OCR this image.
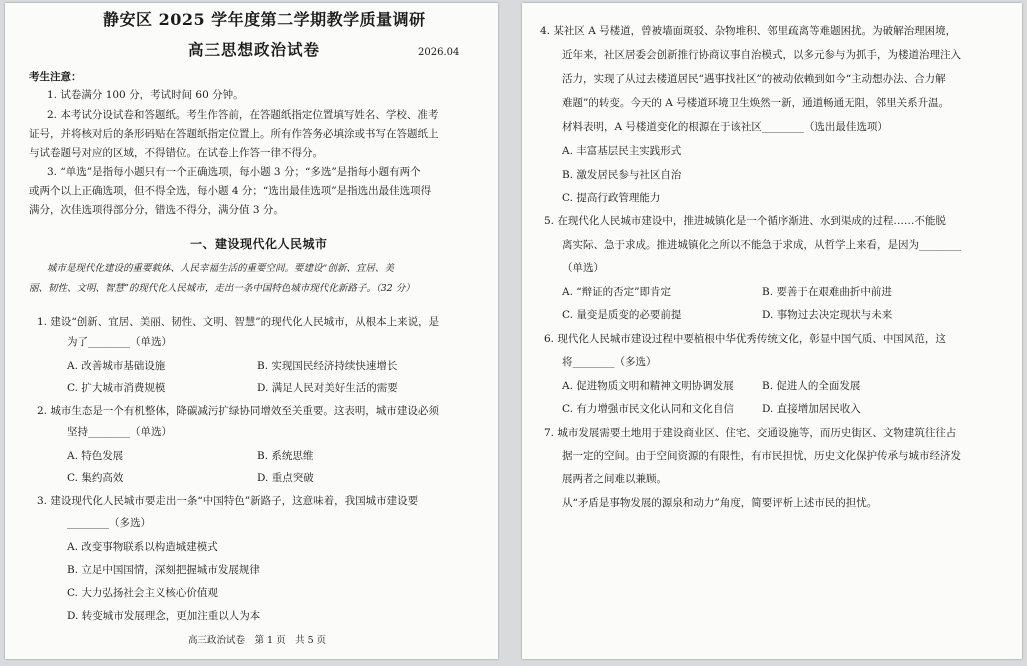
静安区 2025 学年度第二学期教学质量调研
高三思想政治试卷	2026.04
考生注意：
1. 试卷满分 100 分，考试时间 60 分钟。
2. 本考试分设试卷和答题纸。考生作答前，在答题纸指定位置填写姓名、学校、准考
证号，并将核对后的条形码贴在答题纸指定位置上。所有作答务必填涂或书写在答题纸上
与试卷题号对应的区域，不得错位。在试卷上作答一律不得分。
3. “单选”是指每小题只有一个正确选项，每小题 3 分；“多选”是指每小题有两个
或两个以上正确选项，但不得全选，每小题 4 分；“选出最佳选项”是指选出最佳选项得
满分，次佳选项得部分分，错选不得分，满分值 3 分。
一、建设现代化人民城市
城市是现代化建设的重要载体、人民幸福生活的重要空间。要建设“创新、宜居、美
丽、韧性、文明、智慧”的现代化人民城市，走出一条中国特色城市现代化新路子。（32 分）
1. 建设“创新、宜居、美丽、韧性、文明、智慧”的现代化人民城市，从根本上来说，是
为了________（单选）
A. 改善城市基础设施	B. 实现国民经济持续快速增长
C. 扩大城市消费规模	D. 满足人民对美好生活的需要
2. 城市生态是一个有机整体，降碳减污扩绿协同增效至关重要。这表明，城市建设必须
坚持________（单选）
A. 特色发展	B. 系统思维
C. 集约高效	D. 重点突破
3. 建设现代化人民城市要走出一条“中国特色”新路子，这意味着，我国城市建设要
________（多选）
A. 改变事物联系以构造城建模式
B. 立足中国国情，深刻把握城市发展规律
C. 大力弘扬社会主义核心价值观
D. 转变城市发展理念，更加注重以人为本
高三政治试卷　第 1 页　共 5 页
4. 某社区 A 号楼道，曾被墙面斑驳、杂物堆积、邻里疏离等难题困扰。为破解治理困境，
近年来，社区居委会创新推行协商议事自治模式，以多元参与为抓手，为楼道治理注入
活力，实现了从过去楼道居民“遇事找社区”的被动依赖到如今“主动想办法、合力解
难题”的转变。今天的 A 号楼道环境卫生焕然一新，通道畅通无阻，邻里关系升温。
材料表明，A 号楼道变化的根源在于该社区________（选出最佳选项）
A. 丰富基层民主实践形式
B. 激发居民参与社区自治
C. 提高行政管理能力
5. 在现代化人民城市建设中，推进城镇化是一个循序渐进、水到渠成的过程……不能脱
离实际、急于求成。推进城镇化之所以不能急于求成，从哲学上来看，是因为________
（单选）
A. “辩证的否定”即肯定	B. 要善于在艰难曲折中前进
C. 量变是质变的必要前提	D. 事物过去决定现状与未来
6. 现代化人民城市建设过程中要植根中华优秀传统文化，彰显中国气质、中国风范，这
将________（多选）
A. 促进物质文明和精神文明协调发展	B. 促进人的全面发展
C. 有力增强市民文化认同和文化自信	D. 直接增加居民收入
7. 城市发展需要土地用于建设商业区、住宅、交通设施等，而历史街区、文物建筑往往占
据一定的空间。由于空间资源的有限性，有市民担忧，历史文化保护传承与城市经济发
展两者之间难以兼顾。
从“矛盾是事物发展的源泉和动力”角度，简要评析上述市民的担忧。
